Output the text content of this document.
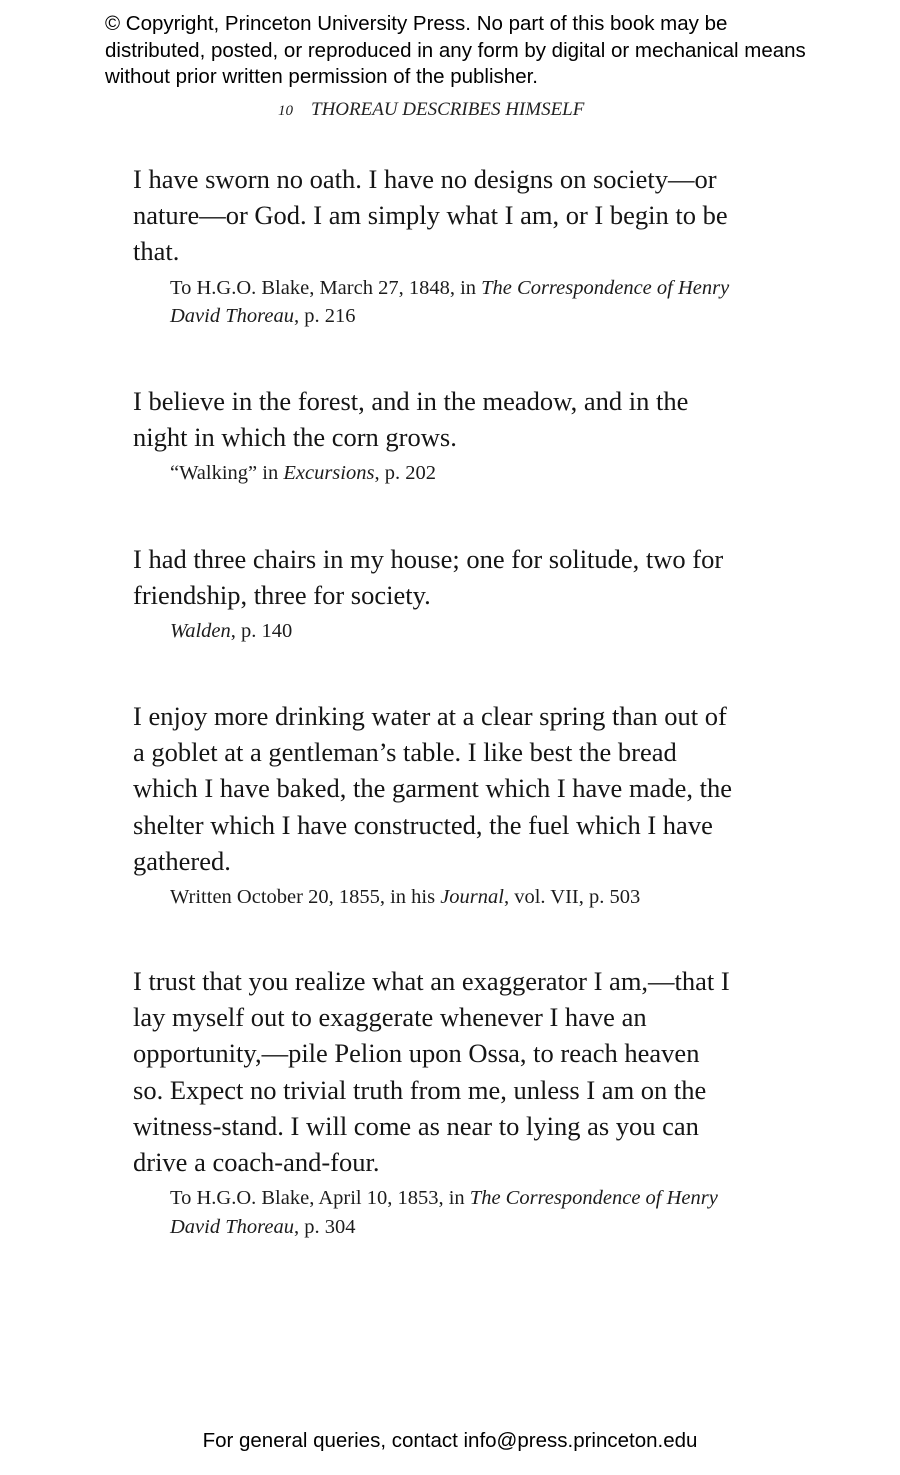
© Copyright, Princeton University Press. No part of this book may be distributed, posted, or reproduced in any form by digital or mechanical means without prior written permission of the publisher.

10 THOREAU DESCRIBES HIMSELF

I have sworn no oath. I have no designs on society—or nature—or God. I am simply what I am, or I begin to be that.

To H.G.O. Blake, March 27, 1848, in The Correspondence of Henry David Thoreau, p. 216

I believe in the forest, and in the meadow, and in the night in which the corn grows.

“Walking” in Excursions, p. 202

I had three chairs in my house; one for solitude, two for friendship, three for society.

Walden, p. 140

I enjoy more drinking water at a clear spring than out of a goblet at a gentleman’s table. I like best the bread which I have baked, the garment which I have made, the shelter which I have constructed, the fuel which I have gathered.

Written October 20, 1855, in his Journal, vol. VII, p. 503

I trust that you realize what an exaggerator I am,—that I lay myself out to exaggerate whenever I have an opportunity,—pile Pelion upon Ossa, to reach heaven so. Expect no trivial truth from me, unless I am on the witness-stand. I will come as near to lying as you can drive a coach-and-four.

To H.G.O. Blake, April 10, 1853, in The Correspondence of Henry David Thoreau, p. 304

For general queries, contact info@press.princeton.edu
